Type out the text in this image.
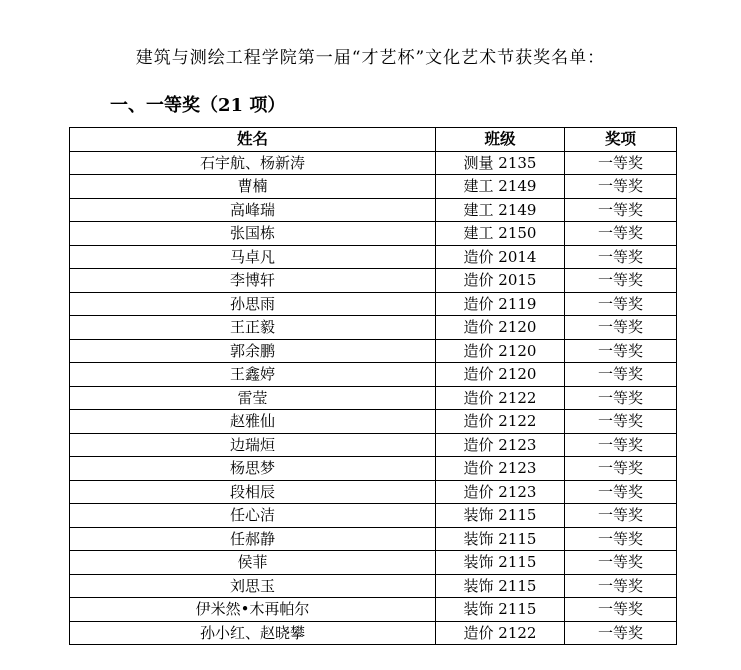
建筑与测绘工程学院第一届“才艺杯”文化艺术节获奖名单：
一、一等奖（21 项）
姓名	班级	奖项
石宇航、杨新涛	测量 2135	一等奖
曹楠	建工 2149	一等奖
高峰瑞	建工 2149	一等奖
张国栋	建工 2150	一等奖
马卓凡	造价 2014	一等奖
李博轩	造价 2015	一等奖
孙思雨	造价 2119	一等奖
王正毅	造价 2120	一等奖
郭余鹏	造价 2120	一等奖
王鑫婷	造价 2120	一等奖
雷莹	造价 2122	一等奖
赵雅仙	造价 2122	一等奖
边瑞烜	造价 2123	一等奖
杨思梦	造价 2123	一等奖
段相辰	造价 2123	一等奖
任心洁	装饰 2115	一等奖
任郝静	装饰 2115	一等奖
侯菲	装饰 2115	一等奖
刘思玉	装饰 2115	一等奖
伊米然•木再帕尔	装饰 2115	一等奖
孙小红、赵晓攀	造价 2122	一等奖
